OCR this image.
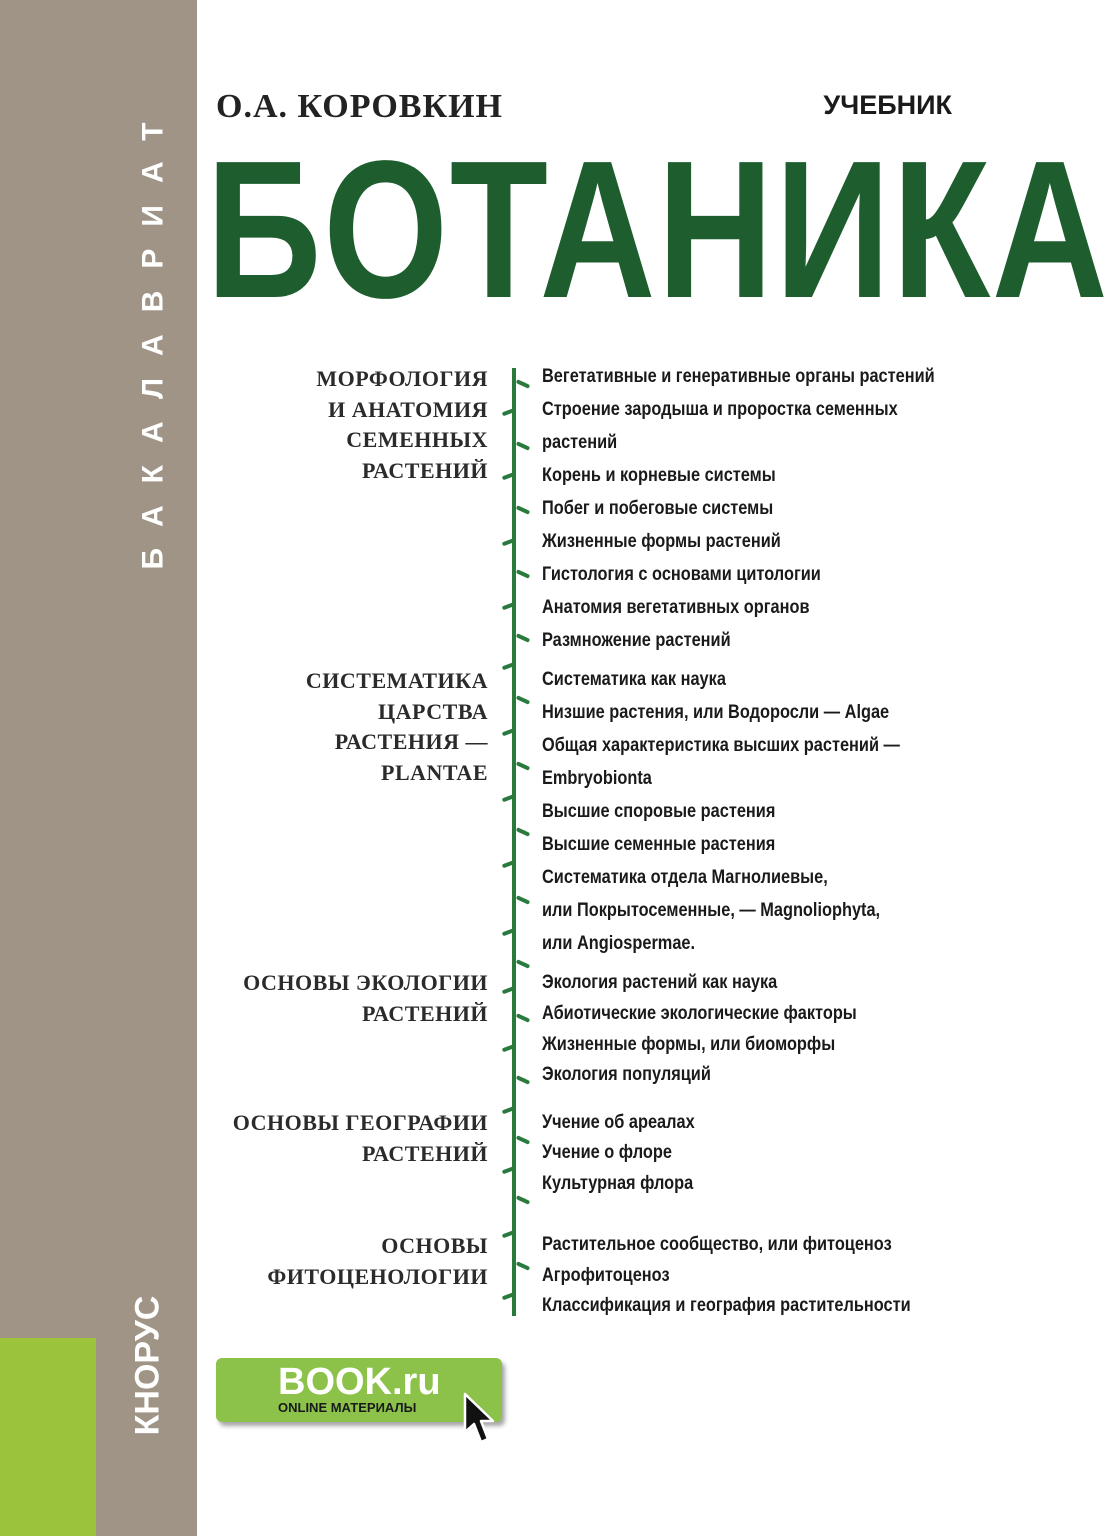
БАКАЛАВРИАТ
КНОРУС
О.А. КОРОВКИН	УЧЕБНИК
БОТАНИКА
МОРФОЛОГИЯ
И АНАТОМИЯ
СЕМЕННЫХ
РАСТЕНИЙ
СИСТЕМАТИКА
ЦАРСТВА
РАСТЕНИЯ —
PLANTAE
ОСНОВЫ ЭКОЛОГИИ
РАСТЕНИЙ
ОСНОВЫ ГЕОГРАФИИ
РАСТЕНИЙ
ОСНОВЫ
ФИТОЦЕНОЛОГИИ
Вегетативные и генеративные органы растений
Строение зародыша и проростка семенных
растений
Корень и корневые системы
Побег и побеговые системы
Жизненные формы растений
Гистология с основами цитологии
Анатомия вегетативных органов
Размножение растений
Систематика как наука
Низшие растения, или Водоросли — Algae
Общая характеристика высших растений —
Embryobionta
Высшие споровые растения
Высшие семенные растения
Систематика отдела Магнолиевые,
или Покрытосеменные, — Magnoliophyta,
или Angiospermae.
Экология растений как наука
Абиотические экологические факторы
Жизненные формы, или биоморфы
Экология популяций
Учение об ареалах
Учение о флоре
Культурная флора
Растительное сообщество, или фитоценоз
Агрофитоценоз
Классификация и география растительности
BOOK.ru
ONLINE МАТЕРИАЛЫ
